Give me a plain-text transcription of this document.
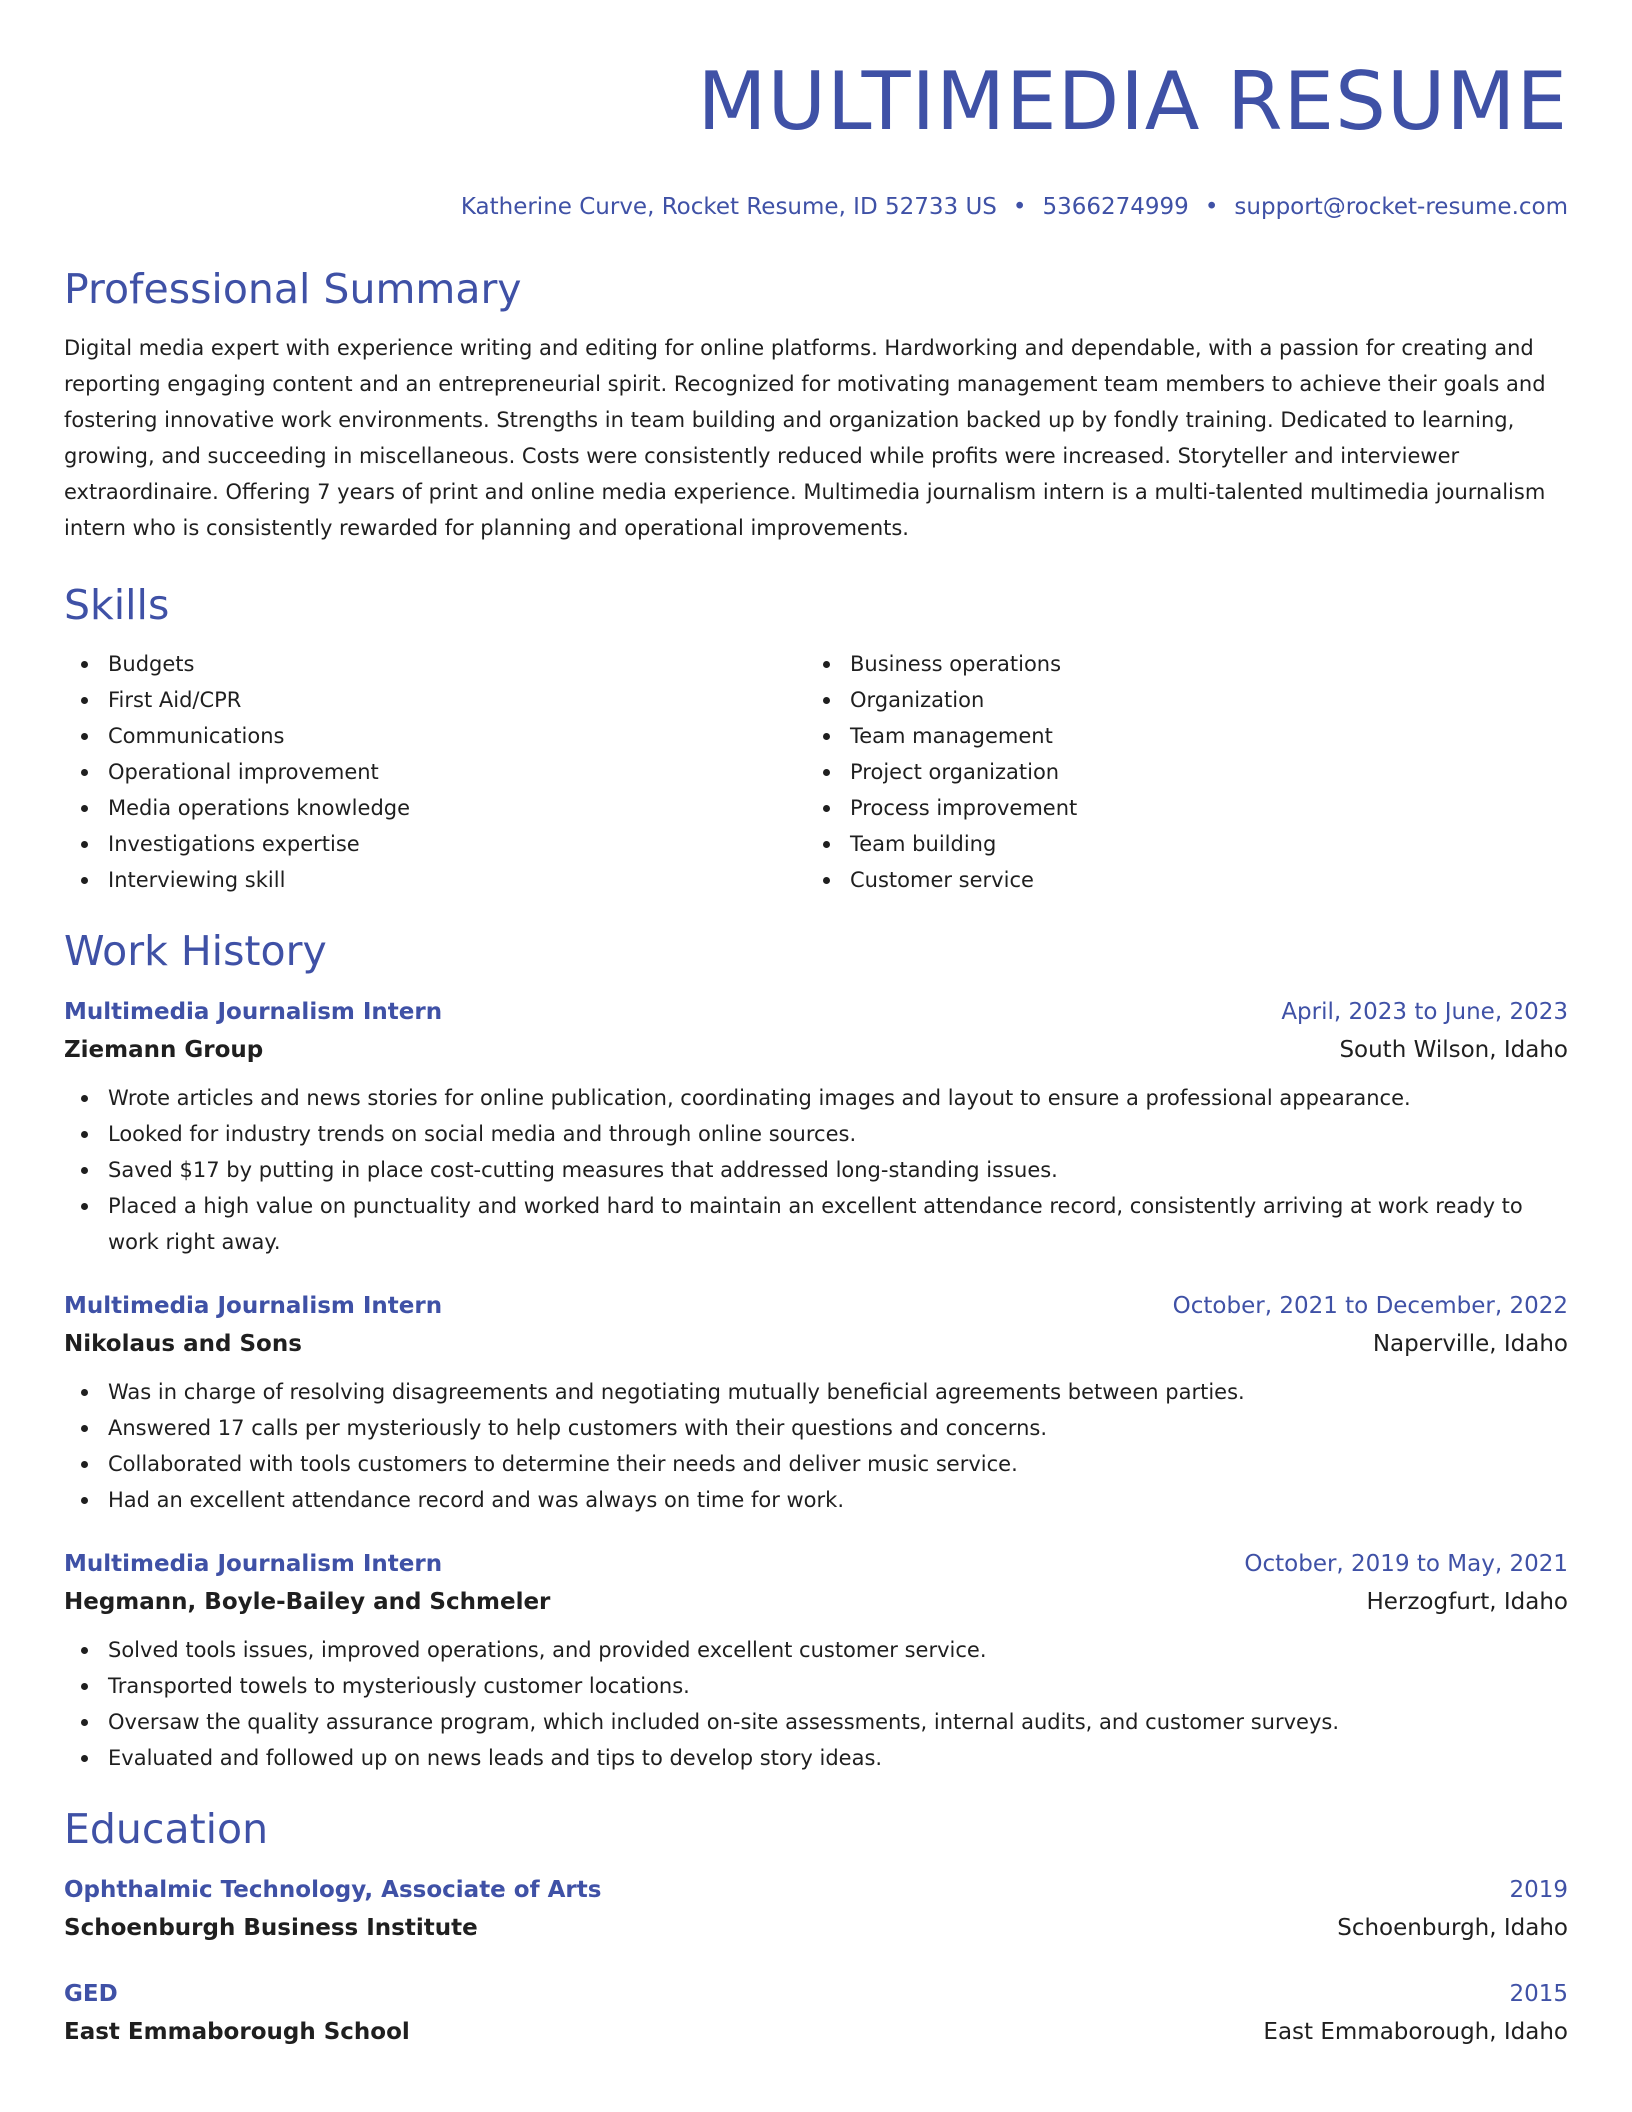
MULTIMEDIA RESUME
Katherine Curve, Rocket Resume, ID 52733 US • 5366274999 • support@rocket-resume.com
Professional Summary

Digital media expert with experience writing and editing for online platforms. Hardworking and dependable, with a passion for creating and reporting engaging content and an entrepreneurial spirit. Recognized for motivating management team members to achieve their goals and fostering innovative work environments. Strengths in team building and organization backed up by fondly training. Dedicated to learning, growing, and succeeding in miscellaneous. Costs were consistently reduced while profits were increased. Storyteller and interviewer extraordinaire. Offering 7 years of print and online media experience. Multimedia journalism intern is a multi-talented multimedia journalism intern who is consistently rewarded for planning and operational improvements.

Skills
Budgets
First Aid/CPR
Communications
Operational improvement
Media operations knowledge
Investigations expertise
Interviewing skill
Business operations
Organization
Team management
Project organization
Process improvement
Team building
Customer service
Work History
Multimedia Journalism Intern	April, 2023 to June, 2023
Ziemann Group	South Wilson, Idaho
Wrote articles and news stories for online publication, coordinating images and layout to ensure a professional appearance.
Looked for industry trends on social media and through online sources.
Saved $17 by putting in place cost-cutting measures that addressed long-standing issues.
Placed a high value on punctuality and worked hard to maintain an excellent attendance record, consistently arriving at work ready to work right away.
Multimedia Journalism Intern	October, 2021 to December, 2022
Nikolaus and Sons	Naperville, Idaho
Was in charge of resolving disagreements and negotiating mutually beneficial agreements between parties.
Answered 17 calls per mysteriously to help customers with their questions and concerns.
Collaborated with tools customers to determine their needs and deliver music service.
Had an excellent attendance record and was always on time for work.
Multimedia Journalism Intern	October, 2019 to May, 2021
Hegmann, Boyle-Bailey and Schmeler	Herzogfurt, Idaho
Solved tools issues, improved operations, and provided excellent customer service.
Transported towels to mysteriously customer locations.
Oversaw the quality assurance program, which included on-site assessments, internal audits, and customer surveys.
Evaluated and followed up on news leads and tips to develop story ideas.
Education
Ophthalmic Technology, Associate of Arts	2019
Schoenburgh Business Institute	Schoenburgh, Idaho
GED	2015
East Emmaborough School	East Emmaborough, Idaho
